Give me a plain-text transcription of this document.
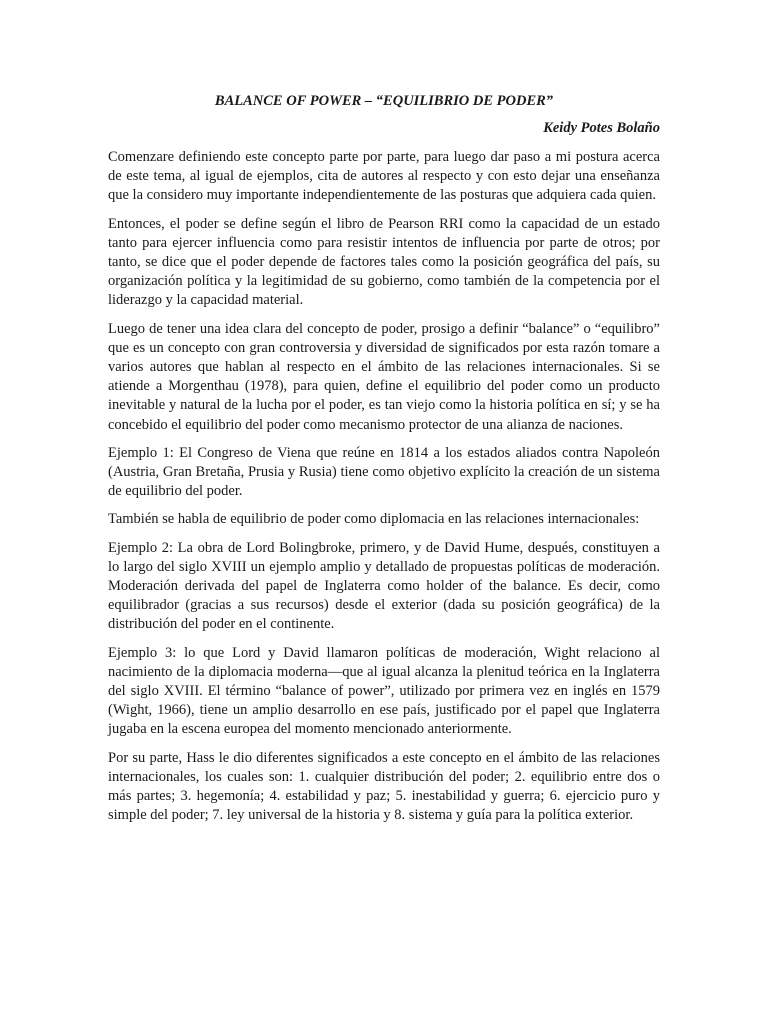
BALANCE OF POWER – “EQUILIBRIO DE PODER”
Keidy Potes Bolaño

Comenzare definiendo este concepto parte por parte, para luego dar paso a mi postura acerca de este tema, al igual de ejemplos, cita de autores al respecto y con esto dejar una enseñanza que la considero muy importante independientemente de las posturas que adquiera cada quien.

Entonces, el poder se define según el libro de Pearson RRI como la capacidad de un estado tanto para ejercer influencia como para resistir intentos de influencia por parte de otros; por tanto, se dice que el poder depende de factores tales como la posición geográfica del país, su organización política y la legitimidad de su gobierno, como también de la competencia por el liderazgo y la capacidad material.

Luego de tener una idea clara del concepto de poder, prosigo a definir “balance” o “equilibro” que es un concepto con gran controversia y diversidad de significados por esta razón tomare a varios autores que hablan al respecto en el ámbito de las relaciones internacionales. Si se atiende a Morgenthau (1978), para quien, define el equilibrio del poder como un producto inevitable y natural de la lucha por el poder, es tan viejo como la historia política en sí; y se ha concebido el equilibrio del poder como mecanismo protector de una alianza de naciones.

Ejemplo 1: El Congreso de Viena que reúne en 1814 a los estados aliados contra Napoleón (Austria, Gran Bretaña, Prusia y Rusia) tiene como objetivo explícito la creación de un sistema de equilibrio del poder.

También se habla de equilibrio de poder como diplomacia en las relaciones internacionales:

Ejemplo 2: La obra de Lord Bolingbroke, primero, y de David Hume, después, constituyen a lo largo del siglo XVIII un ejemplo amplio y detallado de propuestas políticas de moderación. Moderación derivada del papel de Inglaterra como holder of the balance. Es decir, como equilibrador (gracias a sus recursos) desde el exterior (dada su posición geográfica) de la distribución del poder en el continente.

Ejemplo 3: lo que Lord y David llamaron políticas de moderación, Wight relaciono al nacimiento de la diplomacia moderna—que al igual alcanza la plenitud teórica en la Inglaterra del siglo XVIII. El término “balance of power”, utilizado por primera vez en inglés en 1579 (Wight, 1966), tiene un amplio desarrollo en ese país, justificado por el papel que Inglaterra jugaba en la escena europea del momento mencionado anteriormente.

Por su parte, Hass le dio diferentes significados a este concepto en el ámbito de las relaciones internacionales, los cuales son: 1. cualquier distribución del poder; 2. equilibrio entre dos o más partes; 3. hegemonía; 4. estabilidad y paz; 5. inestabilidad y guerra; 6. ejercicio puro y simple del poder; 7. ley universal de la historia y 8. sistema y guía para la política exterior.
